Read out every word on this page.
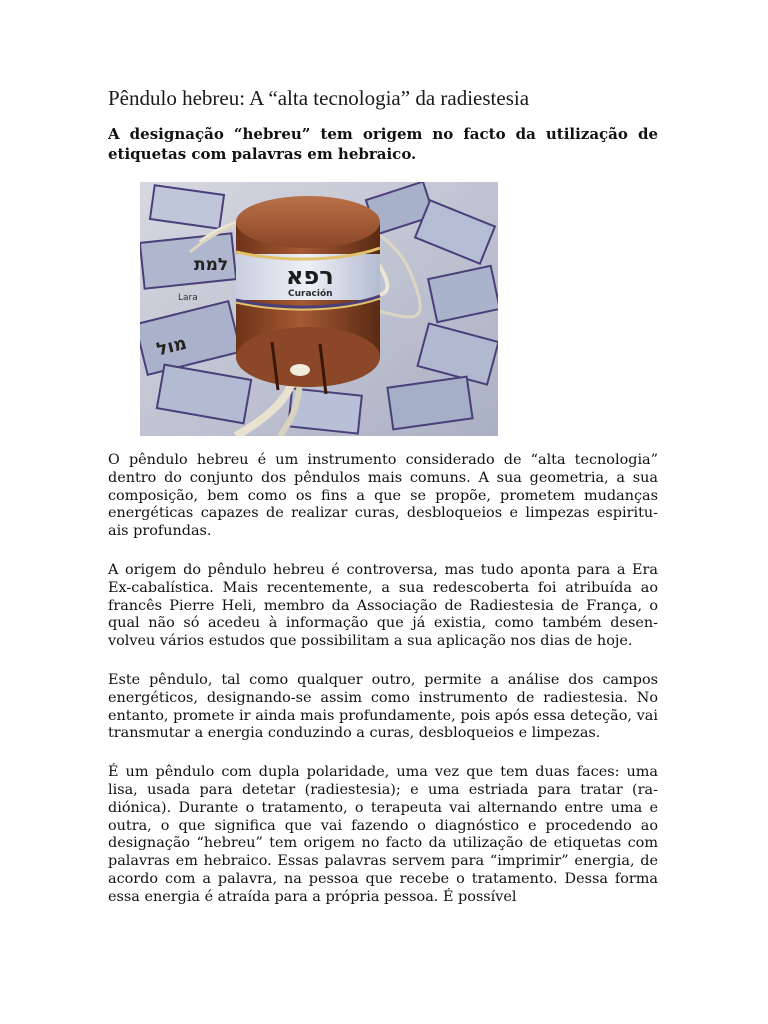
Pêndulo hebreu: A “alta tecnologia” da radiestesia

A designação “hebreu” tem origem no facto da utilização de etiquetas com palavras em hebraico.

למת
Lara
מול
רפא
Curación

O pêndulo hebreu é um instrumento considerado de “alta tecnologia” dentro do conjunto dos pêndulos mais comuns. A sua geometria, a sua composição, bem como os fins a que se propõe, prometem mudanças energéticas capazes de realizar curas, desbloqueios e limpezas espiritu- ais profundas.

A origem do pêndulo hebreu é controversa, mas tudo aponta para a Era Ex-cabalística. Mais recentemente, a sua redescoberta foi atribuída ao francês Pierre Heli, membro da Associação de Radiestesia de França, o qual não só acedeu à informação que já existia, como também desen- volveu vários estudos que possibilitam a sua aplicação nos dias de hoje.

Este pêndulo, tal como qualquer outro, permite a análise dos campos energéticos, designando-se assim como instrumento de radiestesia. No entanto, promete ir ainda mais profundamente, pois após essa deteção, vai transmutar a energia conduzindo a curas, desbloqueios e limpezas.

É um pêndulo com dupla polaridade, uma vez que tem duas faces: uma lisa, usada para detetar (radiestesia); e uma estriada para tratar (ra- diónica). Durante o tratamento, o terapeuta vai alternando entre uma e outra, o que significa que vai fazendo o diagnóstico e procedendo ao designação “hebreu” tem origem no facto da utilização de etiquetas com palavras em hebraico. Essas palavras servem para “imprimir” energia, de acordo com a palavra, na pessoa que recebe o tratamento. Dessa forma essa energia é atraída para a própria pessoa. É possível
